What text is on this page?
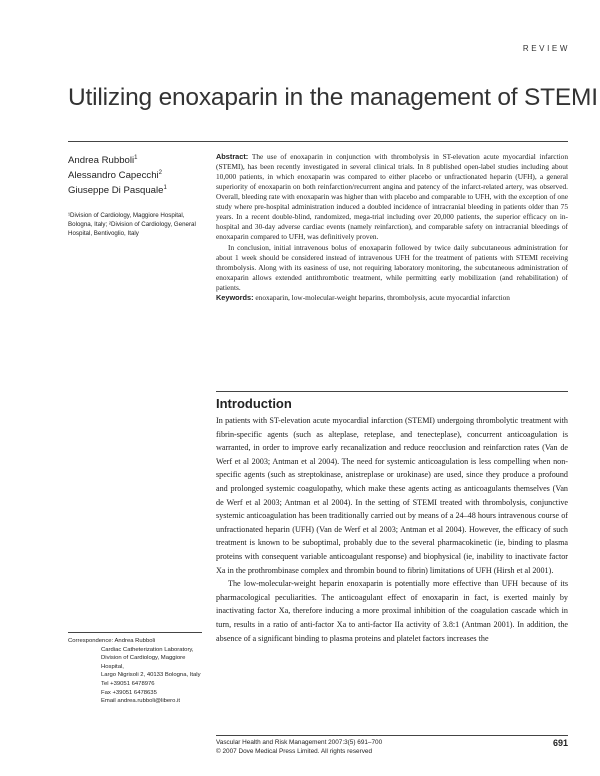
REVIEW
Utilizing enoxaparin in the management of STEMI
Andrea Rubboli$^1$
Alessandro Capecchi$^2$
Giuseppe Di Pasquale$^1$
¹Division of Cardiology, Maggiore Hospital, Bologna, Italy; ²Division of Cardiology, General Hospital, Bentivoglio, Italy

Abstract: The use of enoxaparin in conjunction with thrombolysis in ST-elevation acute myocardial infarction (STEMI), has been recently investigated in several clinical trials. In 8 published open-label studies including about 10,000 patients, in which enoxaparin was compared to either placebo or unfractionated heparin (UFH), a general superiority of enoxaparin on both reinfarction/recurrent angina and patency of the infarct-related artery, was observed. Overall, bleeding rate with enoxaparin was higher than with placebo and comparable to UFH, with the exception of one study where pre-hospital administration induced a doubled incidence of intracranial bleeding in patients older than 75 years. In a recent double-blind, randomized, mega-trial including over 20,000 patients, the superior efficacy on in-hospital and 30-day adverse cardiac events (namely reinfarction), and comparable safety on intracranial bleedings of enoxaparin compared to UFH, was definitively proven.

In conclusion, initial intravenous bolus of enoxaparin followed by twice daily subcutaneous administration for about 1 week should be considered instead of intravenous UFH for the treatment of patients with STEMI receiving thrombolysis. Along with its easiness of use, not requiring laboratory monitoring, the subcutaneous administration of enoxaparin allows extended antithrombotic treatment, while permitting early mobilization (and rehabilitation) of patients.

Keywords: enoxaparin, low-molecular-weight heparins, thrombolysis, acute myocardial infarction

Introduction

In patients with ST-elevation acute myocardial infarction (STEMI) undergoing thrombolytic treatment with fibrin-specific agents (such as alteplase, reteplase, and tenecteplase), concurrent anticoagulation is warranted, in order to improve early recanalization and reduce reocclusion and reinfarction rates (Van de Werf et al 2003; Antman et al 2004). The need for systemic anticoagulation is less compelling when non-specific agents (such as streptokinase, anistreplase or urokinase) are used, since they produce a profound and prolonged systemic coagulopathy, which make these agents acting as anticoagulants themselves (Van de Werf et al 2003; Antman et al 2004). In the setting of STEMI treated with thrombolysis, conjunctive systemic anticoagulation has been traditionally carried out by means of a 24–48 hours intravenous course of unfractionated heparin (UFH) (Van de Werf et al 2003; Antman et al 2004). However, the efficacy of such treatment is known to be suboptimal, probably due to the several pharmacokinetic (ie, binding to plasma proteins with consequent variable anticoagulant response) and biophysical (ie, inability to inactivate factor Xa in the prothrombinase complex and thrombin bound to fibrin) limitations of UFH (Hirsh et al 2001).

The low-molecular-weight heparin enoxaparin is potentially more effective than UFH because of its pharmacological peculiarities. The anticoagulant effect of enoxaparin in fact, is exerted mainly by inactivating factor Xa, therefore inducing a more proximal inhibition of the coagulation cascade which in turn, results in a ratio of anti-factor Xa to anti-factor IIa activity of 3.8:1 (Antman 2001). In addition, the absence of a significant binding to plasma proteins and platelet factors increases the

Correspondence: Andrea Rubboli
Cardiac Catheterization Laboratory,
Division of Cardiology, Maggiore Hospital,
Largo Nigrisoli 2, 40133 Bologna, Italy
Tel +39051 6478976
Fax +39051 6478635
Email andrea.rubboli@libero.it
Vascular Health and Risk Management 2007:3(5) 691–700
© 2007 Dove Medical Press Limited. All rights reserved
691
